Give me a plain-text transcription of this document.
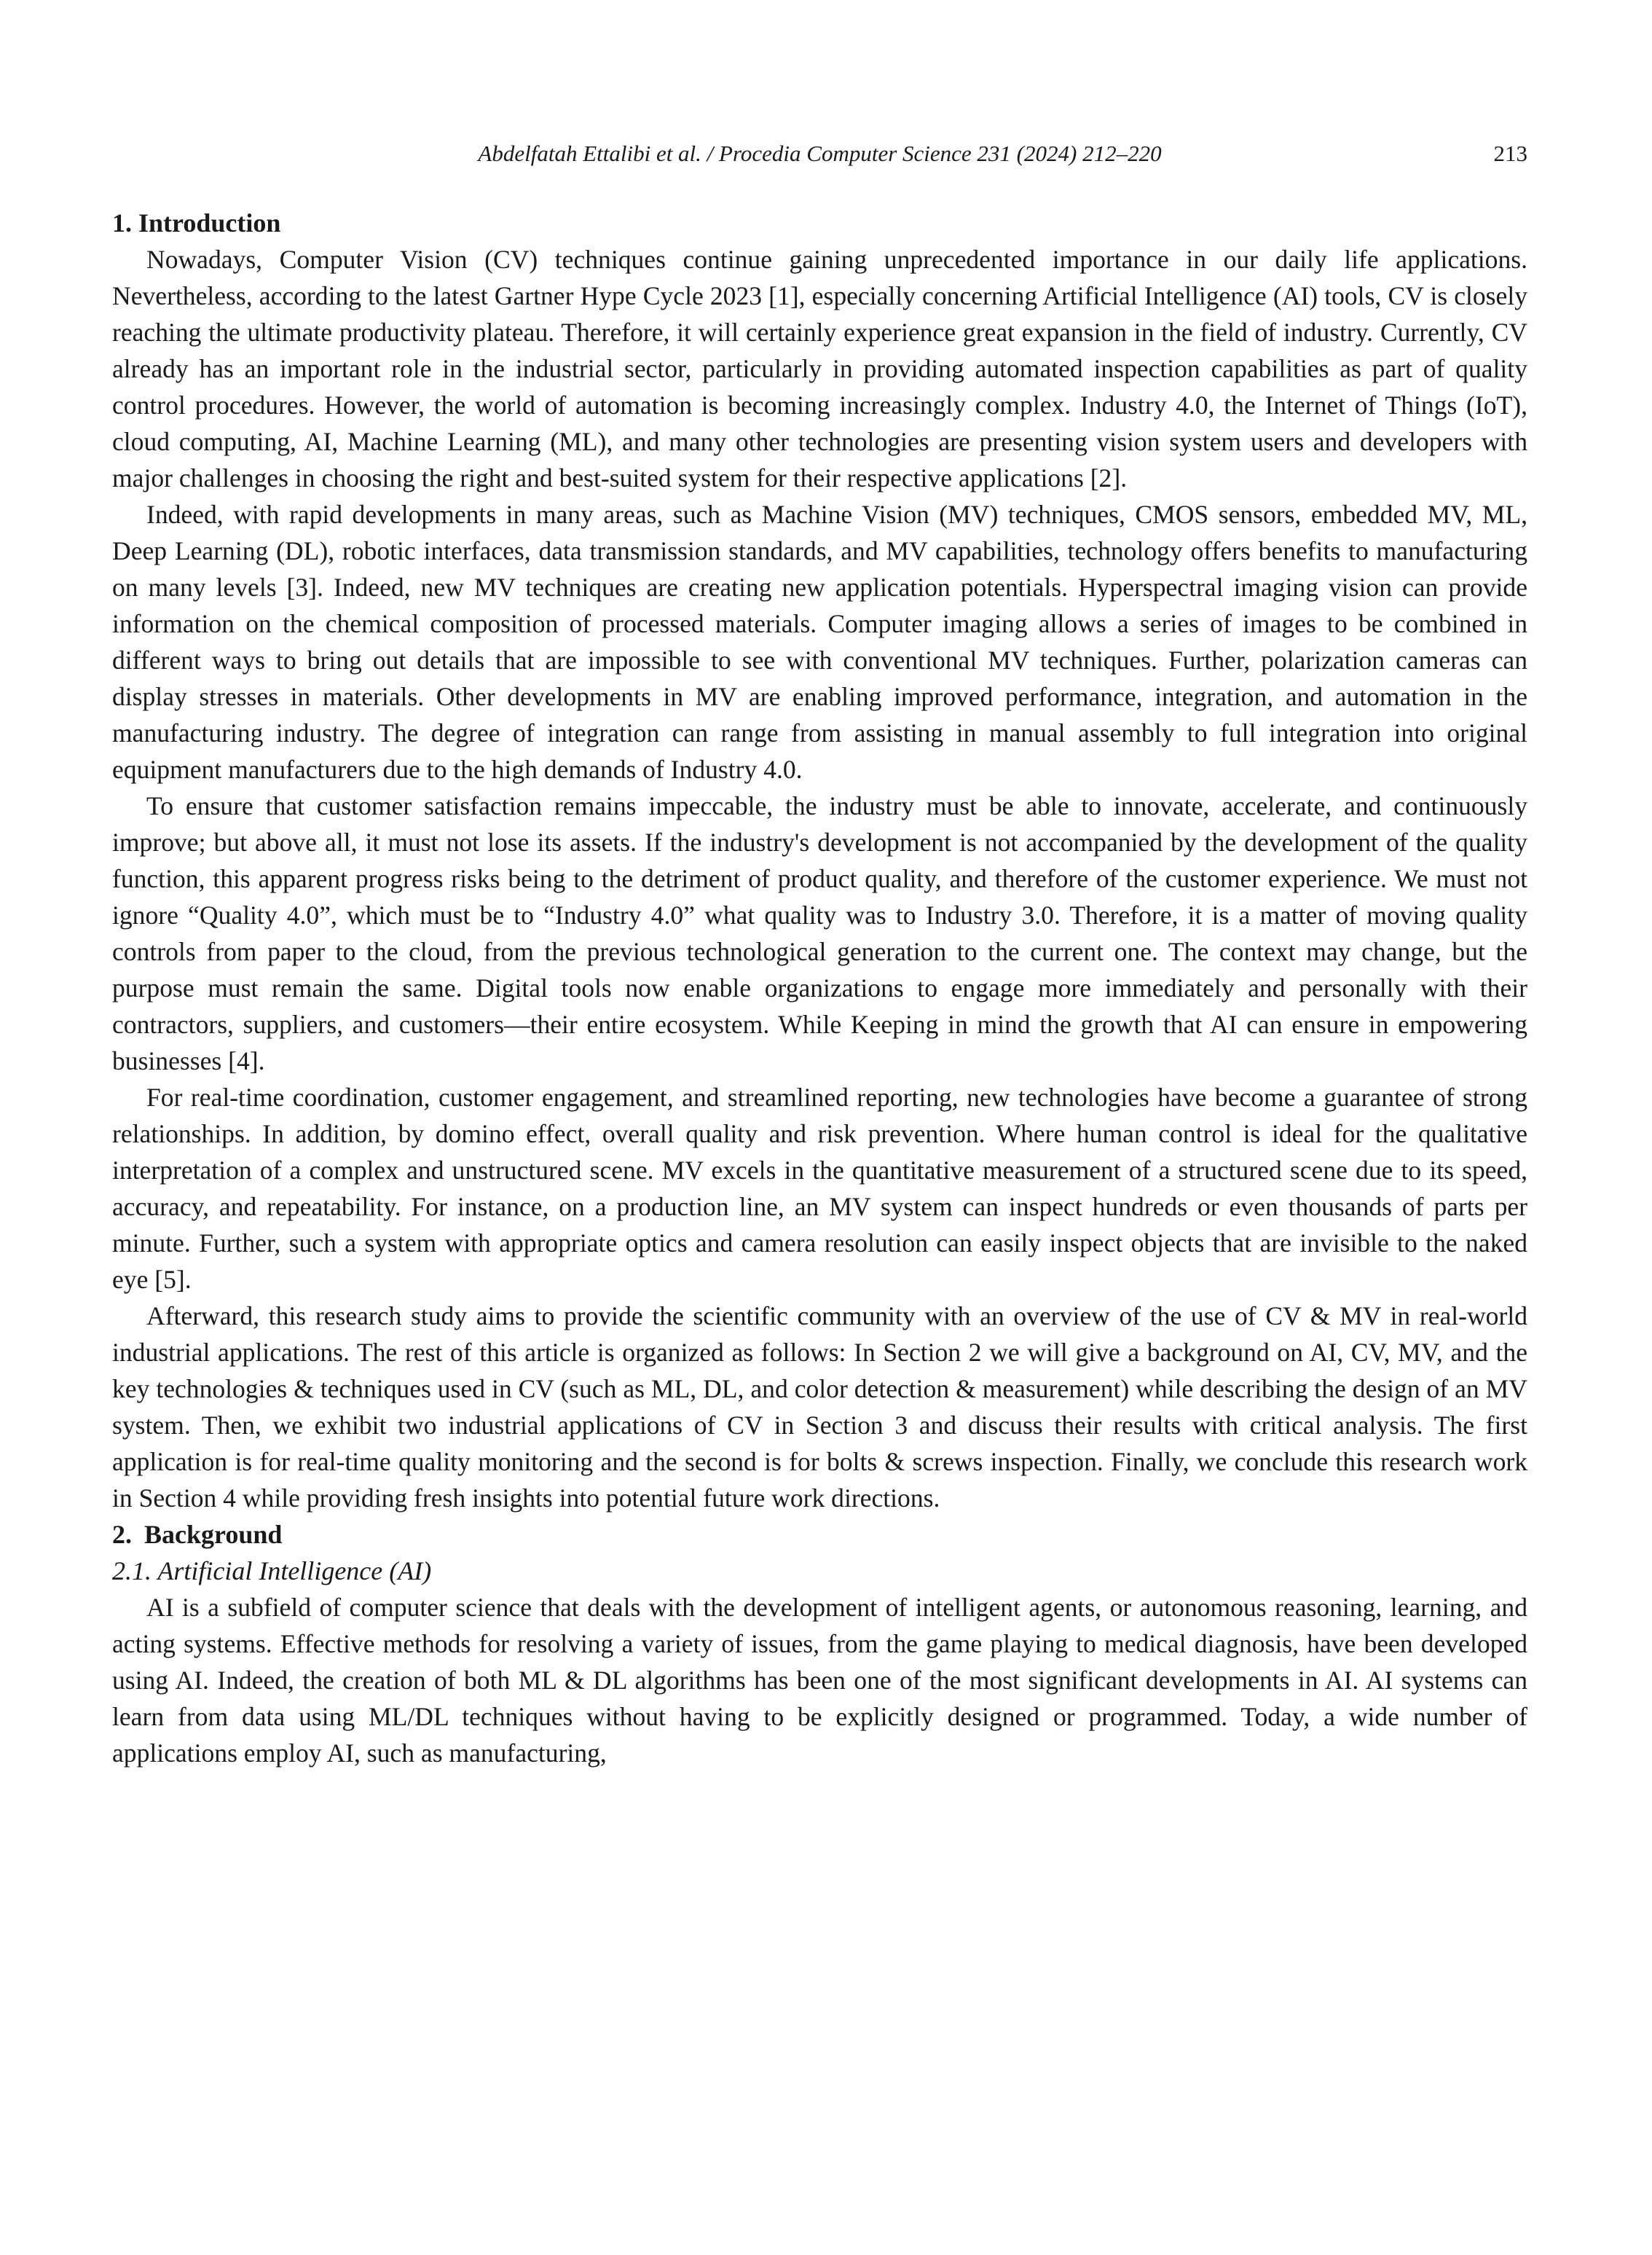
Abdelfatah Ettalibi et al. / Procedia Computer Science 231 (2024) 212–220	213
1. Introduction

Nowadays, Computer Vision (CV) techniques continue gaining unprecedented importance in our daily life applications. Nevertheless, according to the latest Gartner Hype Cycle 2023 [1], especially concerning Artificial Intelligence (AI) tools, CV is closely reaching the ultimate productivity plateau. Therefore, it will certainly experience great expansion in the field of industry. Currently, CV already has an important role in the industrial sector, particularly in providing automated inspection capabilities as part of quality control procedures. However, the world of automation is becoming increasingly complex. Industry 4.0, the Internet of Things (IoT), cloud computing, AI, Machine Learning (ML), and many other technologies are presenting vision system users and developers with major challenges in choosing the right and best-suited system for their respective applications [2].

Indeed, with rapid developments in many areas, such as Machine Vision (MV) techniques, CMOS sensors, embedded MV, ML, Deep Learning (DL), robotic interfaces, data transmission standards, and MV capabilities, technology offers benefits to manufacturing on many levels [3]. Indeed, new MV techniques are creating new application potentials. Hyperspectral imaging vision can provide information on the chemical composition of processed materials. Computer imaging allows a series of images to be combined in different ways to bring out details that are impossible to see with conventional MV techniques. Further, polarization cameras can display stresses in materials. Other developments in MV are enabling improved performance, integration, and automation in the manufacturing industry. The degree of integration can range from assisting in manual assembly to full integration into original equipment manufacturers due to the high demands of Industry 4.0.

To ensure that customer satisfaction remains impeccable, the industry must be able to innovate, accelerate, and continuously improve; but above all, it must not lose its assets. If the industry's development is not accompanied by the development of the quality function, this apparent progress risks being to the detriment of product quality, and therefore of the customer experience. We must not ignore “Quality 4.0”, which must be to “Industry 4.0” what quality was to Industry 3.0. Therefore, it is a matter of moving quality controls from paper to the cloud, from the previous technological generation to the current one. The context may change, but the purpose must remain the same. Digital tools now enable organizations to engage more immediately and personally with their contractors, suppliers, and customers—their entire ecosystem. While Keeping in mind the growth that AI can ensure in empowering businesses [4].

For real-time coordination, customer engagement, and streamlined reporting, new technologies have become a guarantee of strong relationships. In addition, by domino effect, overall quality and risk prevention. Where human control is ideal for the qualitative interpretation of a complex and unstructured scene. MV excels in the quantitative measurement of a structured scene due to its speed, accuracy, and repeatability. For instance, on a production line, an MV system can inspect hundreds or even thousands of parts per minute. Further, such a system with appropriate optics and camera resolution can easily inspect objects that are invisible to the naked eye [5].

Afterward, this research study aims to provide the scientific community with an overview of the use of CV & MV in real-world industrial applications. The rest of this article is organized as follows: In Section 2 we will give a background on AI, CV, MV, and the key technologies & techniques used in CV (such as ML, DL, and color detection & measurement) while describing the design of an MV system. Then, we exhibit two industrial applications of CV in Section 3 and discuss their results with critical analysis. The first application is for real-time quality monitoring and the second is for bolts & screws inspection. Finally, we conclude this research work in Section 4 while providing fresh insights into potential future work directions.

2. Background
2.1. Artificial Intelligence (AI)

AI is a subfield of computer science that deals with the development of intelligent agents, or autonomous reasoning, learning, and acting systems. Effective methods for resolving a variety of issues, from the game playing to medical diagnosis, have been developed using AI. Indeed, the creation of both ML & DL algorithms has been one of the most significant developments in AI. AI systems can learn from data using ML/DL techniques without having to be explicitly designed or programmed. Today, a wide number of applications employ AI, such as manufacturing,
